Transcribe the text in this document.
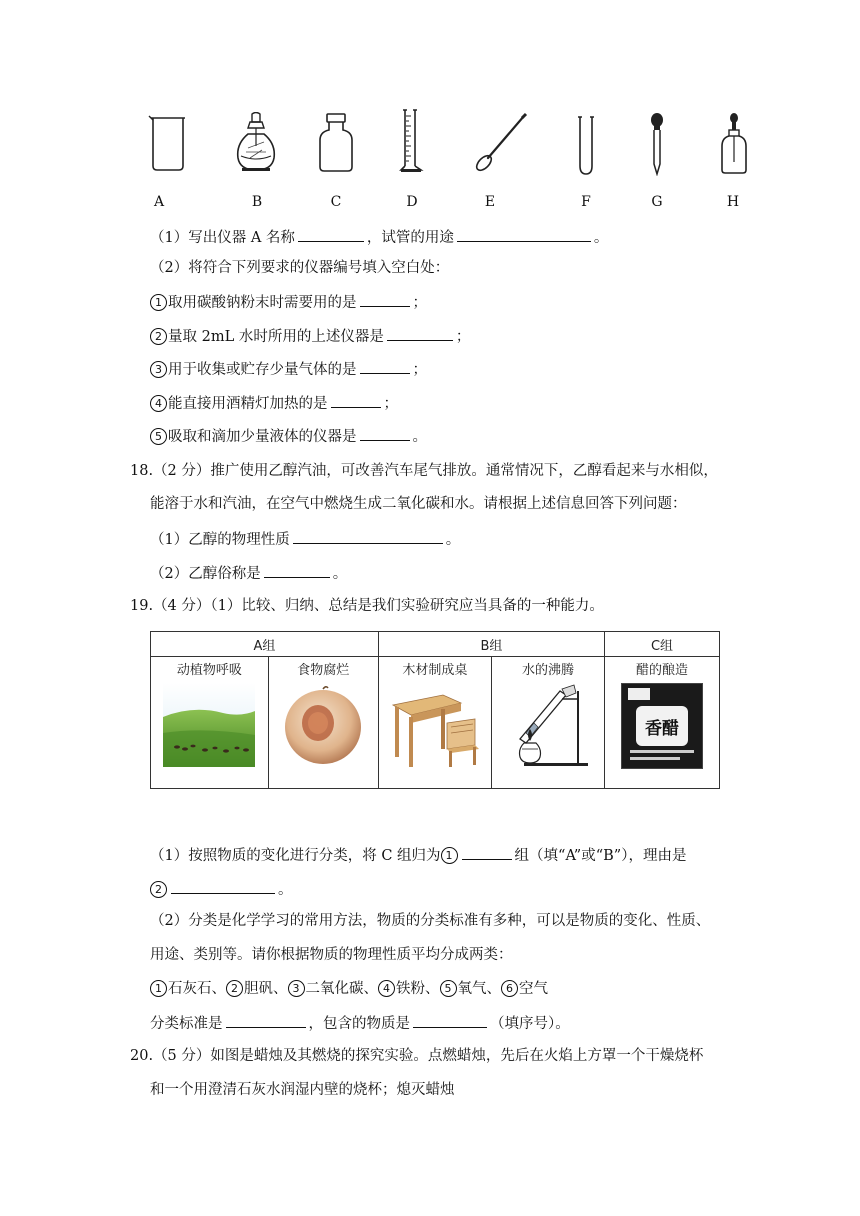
A	B	C	D	E	F	G	H
（1）写出仪器 A 名称	，试管的用途	。
（2）将符合下列要求的仪器编号填入空白处：
1 取用碳酸钠粉末时需要用的是	；
2 量取 2mL 水时所用的上述仪器是	；
3 用于收集或贮存少量气体的是	；
4 能直接用酒精灯加热的是	；
5 吸取和滴加少量液体的仪器是	。
18.（2 分）推广使用乙醇汽油，可改善汽车尾气排放。通常情况下，乙醇看起来与水相似，
能溶于水和汽油，在空气中燃烧生成二氧化碳和水。请根据上述信息回答下列问题：
（1）乙醇的物理性质	。
（2）乙醇俗称是	。
19.（4 分）（1）比较、归纳、总结是我们实验研究应当具备的一种能力。
A组		B组		C组
动植物呼吸	食物腐烂	木材制成桌	水的沸腾	醋的酿造

香醋
（1）按照物质的变化进行分类，将 C 组归为 1	组（填“A”或“B”），理由是
2	。
（2）分类是化学学习的常用方法，物质的分类标准有多种，可以是物质的变化、性质、
用途、类别等。请你根据物质的物理性质平均分成两类：
1 石灰石、 2 胆矾、 3 二氧化碳、 4 铁粉、 5 氧气、 6 空气
分类标准是	，包含的物质是	（填序号）。
20.（5 分）如图是蜡烛及其燃烧的探究实验。点燃蜡烛，先后在火焰上方罩一个干燥烧杯
和一个用澄清石灰水润湿内壁的烧杯；熄灭蜡烛
